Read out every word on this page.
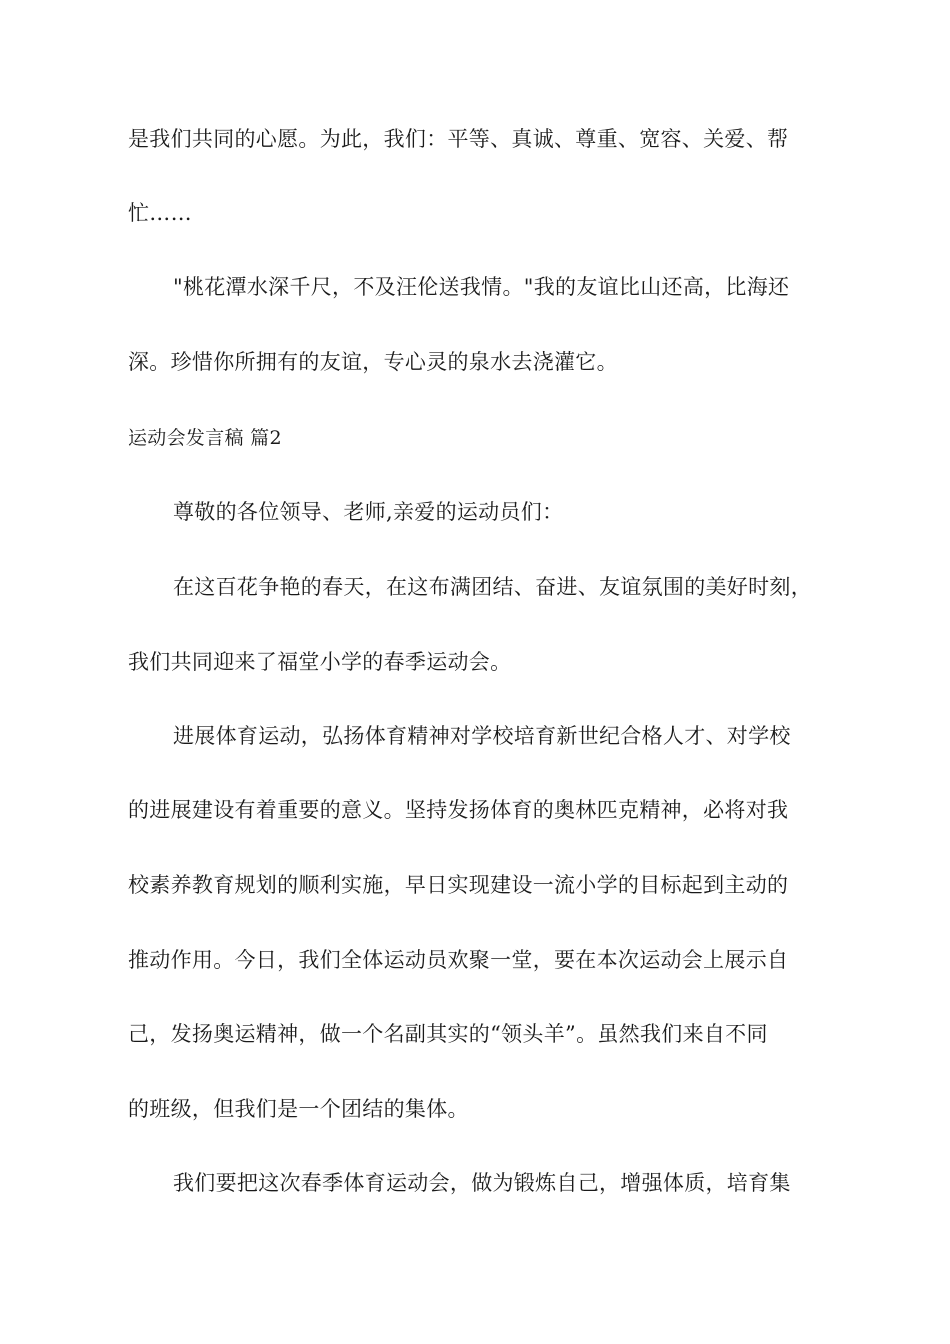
是我们共同的心愿。为此，我们：平等、真诚、尊重、宽容、关爱、帮
忙……
"桃花潭水深千尺，不及汪伦送我情。"我的友谊比山还高，比海还
深。珍惜你所拥有的友谊，专心灵的泉水去浇灌它。
运动会发言稿 篇2
尊敬的各位领导、老师,亲爱的运动员们：
在这百花争艳的春天，在这布满团结、奋进、友谊氛围的美好时刻，
我们共同迎来了福堂小学的春季运动会。
进展体育运动，弘扬体育精神对学校培育新世纪合格人才、对学校
的进展建设有着重要的意义。坚持发扬体育的奥林匹克精神，必将对我
校素养教育规划的顺利实施，早日实现建设一流小学的目标起到主动的
推动作用。今日，我们全体运动员欢聚一堂，要在本次运动会上展示自
己，发扬奥运精神，做一个名副其实的“领头羊”。虽然我们来自不同
的班级，但我们是一个团结的集体。
我们要把这次春季体育运动会，做为锻炼自己，增强体质，培育集
